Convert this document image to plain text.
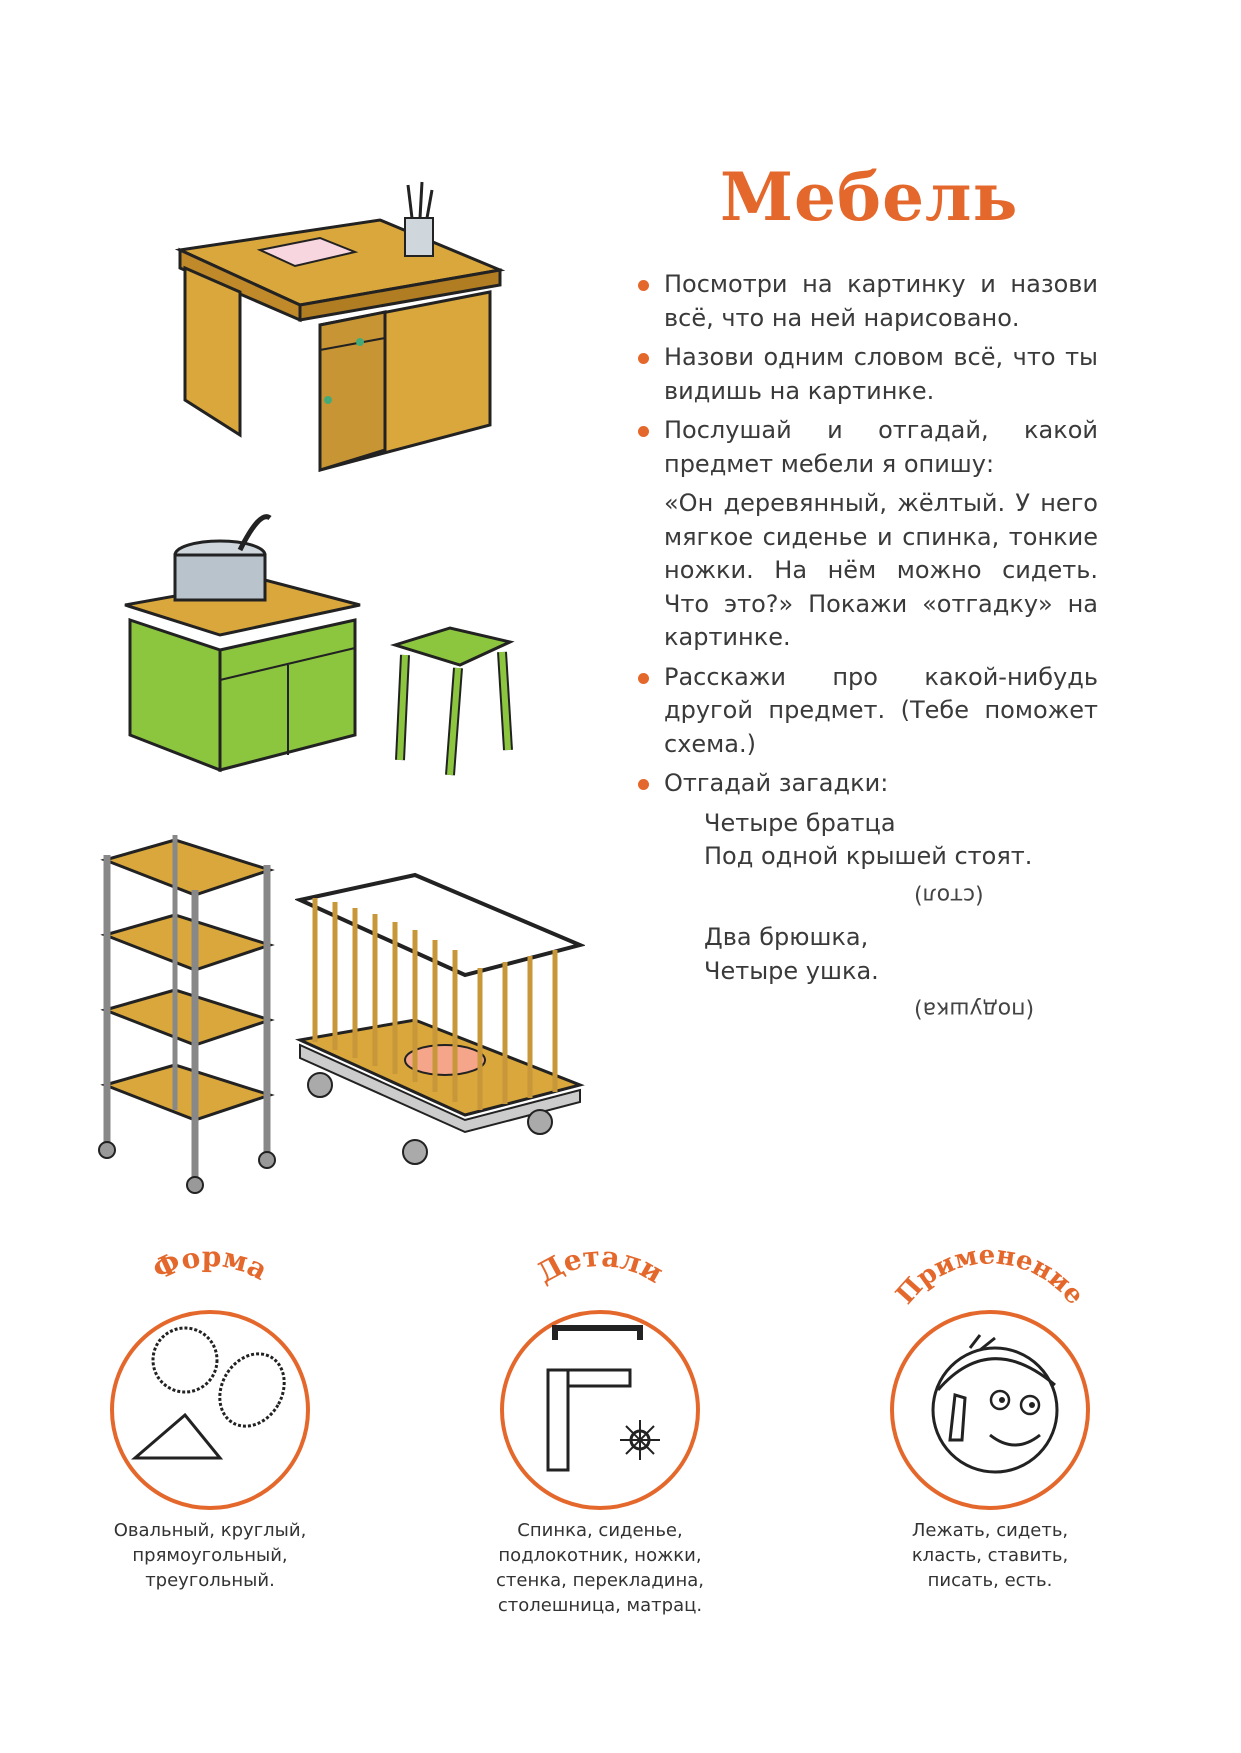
Мебель
Посмотри на картинку и назови всё, что на ней нарисовано.
Назови одним словом всё, что ты видишь на картинке.
Послушай и отгадай, какой предмет мебели я опишу:
«Он деревянный, жёлтый. У него мягкое сиденье и спинка, тонкие ножки. На нём можно сидеть. Что это?» Покажи «отгадку» на картинке.
Расскажи про какой-нибудь другой предмет. (Тебе поможет схема.)
Отгадай загадки:
Четыре братца
Под одной крышей стоят.
(стол)
Два брюшка,
Четыре ушка.
(подушка)
Форма
Овальный, круглый,
прямоугольный,
треугольный.
Детали
Спинка, сиденье,
подлокотник, ножки,
стенка, перекладина,
столешница, матрац.
Применение
Лежать, сидеть,
класть, ставить,
писать, есть.
